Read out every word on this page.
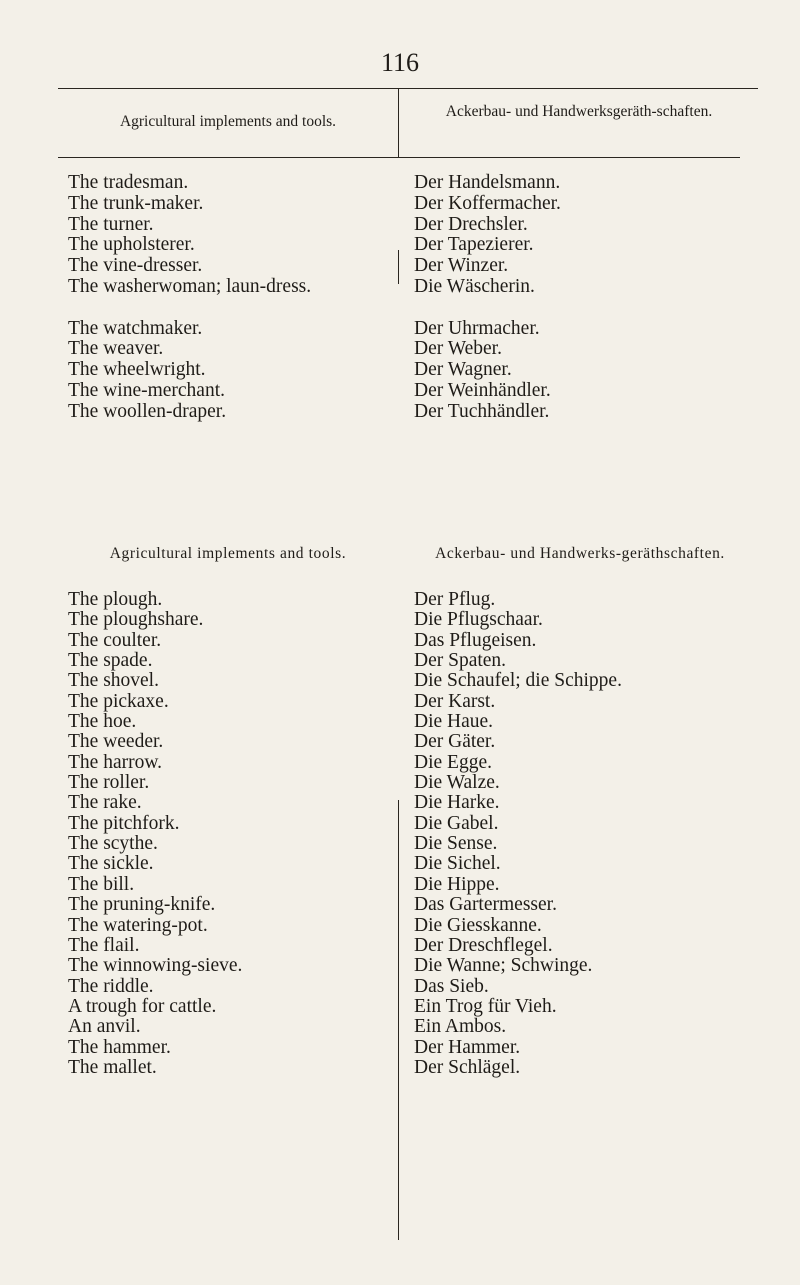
116
Agricultural implements and tools.
Ackerbau- und Handwerksgeräth-schaften.
The tradesman.
The trunk-maker.
The turner.
The upholsterer.
The vine-dresser.
The washerwoman; laun-dress.
The watchmaker.
The weaver.
The wheelwright.
The wine-merchant.
The woollen-draper.
Der Handelsmann.
Der Koffermacher.
Der Drechsler.
Der Tapezierer.
Der Winzer.
Die Wäscherin.
Der Uhrmacher.
Der Weber.
Der Wagner.
Der Weinhändler.
Der Tuchhändler.
Agricultural implements and tools.	Ackerbau- und Handwerks-geräthschaften.
The plough.
The ploughshare.
The coulter.
The spade.
The shovel.
The pickaxe.
The hoe.
The weeder.
The harrow.
The roller.
The rake.
The pitchfork.
The scythe.
The sickle.
The bill.
The pruning-knife.
The watering-pot.
The flail.
The winnowing-sieve.
The riddle.
A trough for cattle.
An anvil.
The hammer.
The mallet.
Der Pflug.
Die Pflugschaar.
Das Pflugeisen.
Der Spaten.
Die Schaufel; die Schippe.
Der Karst.
Die Haue.
Der Gäter.
Die Egge.
Die Walze.
Die Harke.
Die Gabel.
Die Sense.
Die Sichel.
Die Hippe.
Das Gartermesser.
Die Giesskanne.
Der Dreschflegel.
Die Wanne; Schwinge.
Das Sieb.
Ein Trog für Vieh.
Ein Ambos.
Der Hammer.
Der Schlägel.
